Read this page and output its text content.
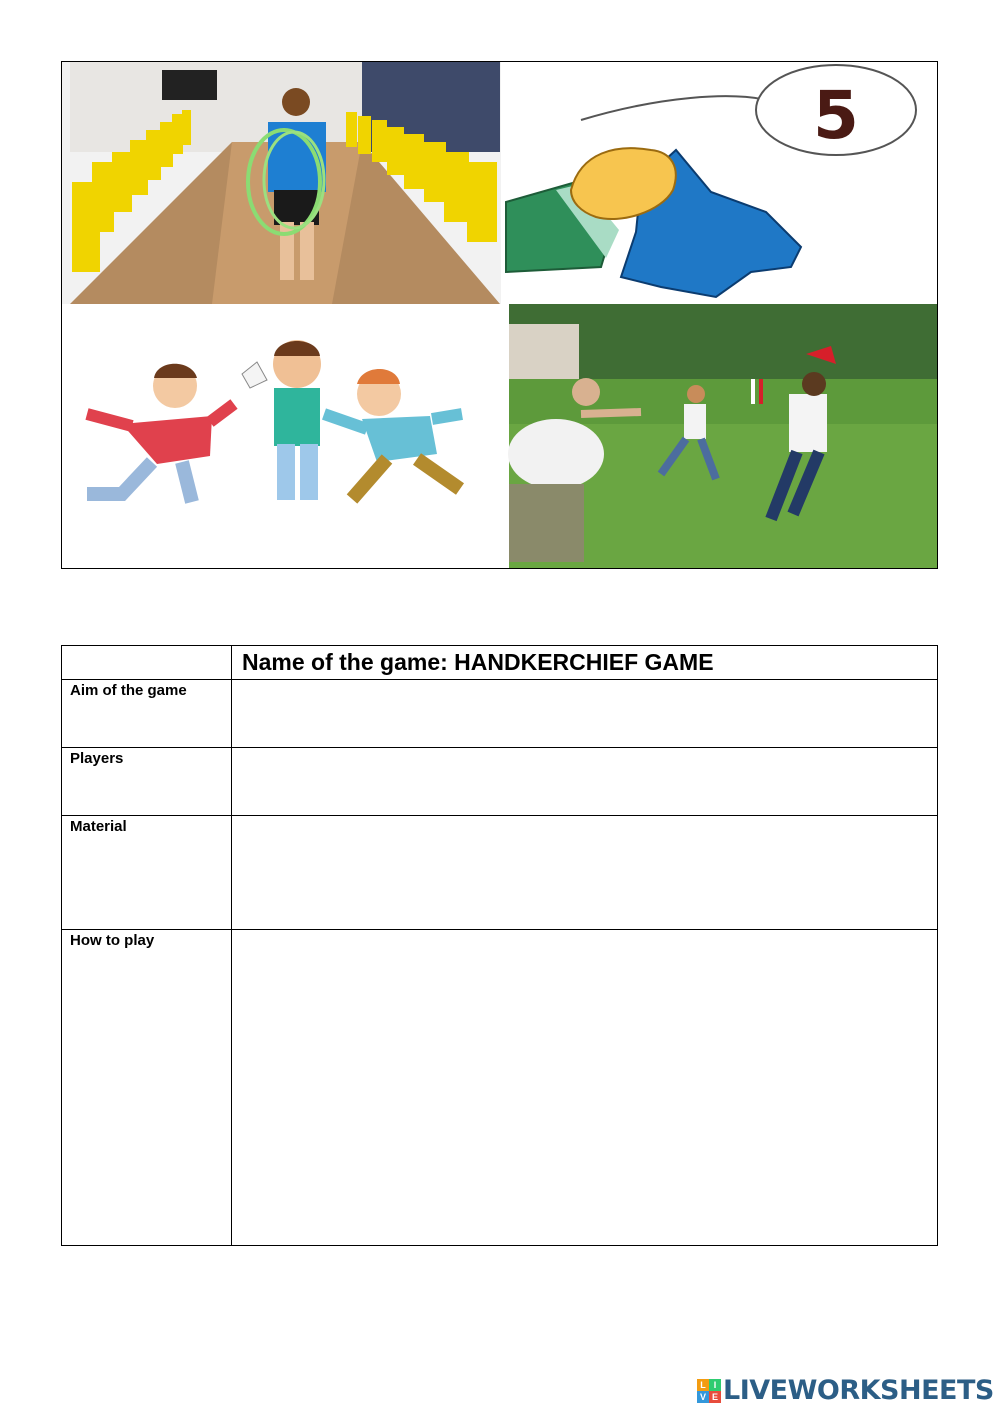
5
	Name of the game: HANDKERCHIEF GAME
Aim of the game	
Players	
Material	
How to play	
L I
V E LIVEWORKSHEETS
